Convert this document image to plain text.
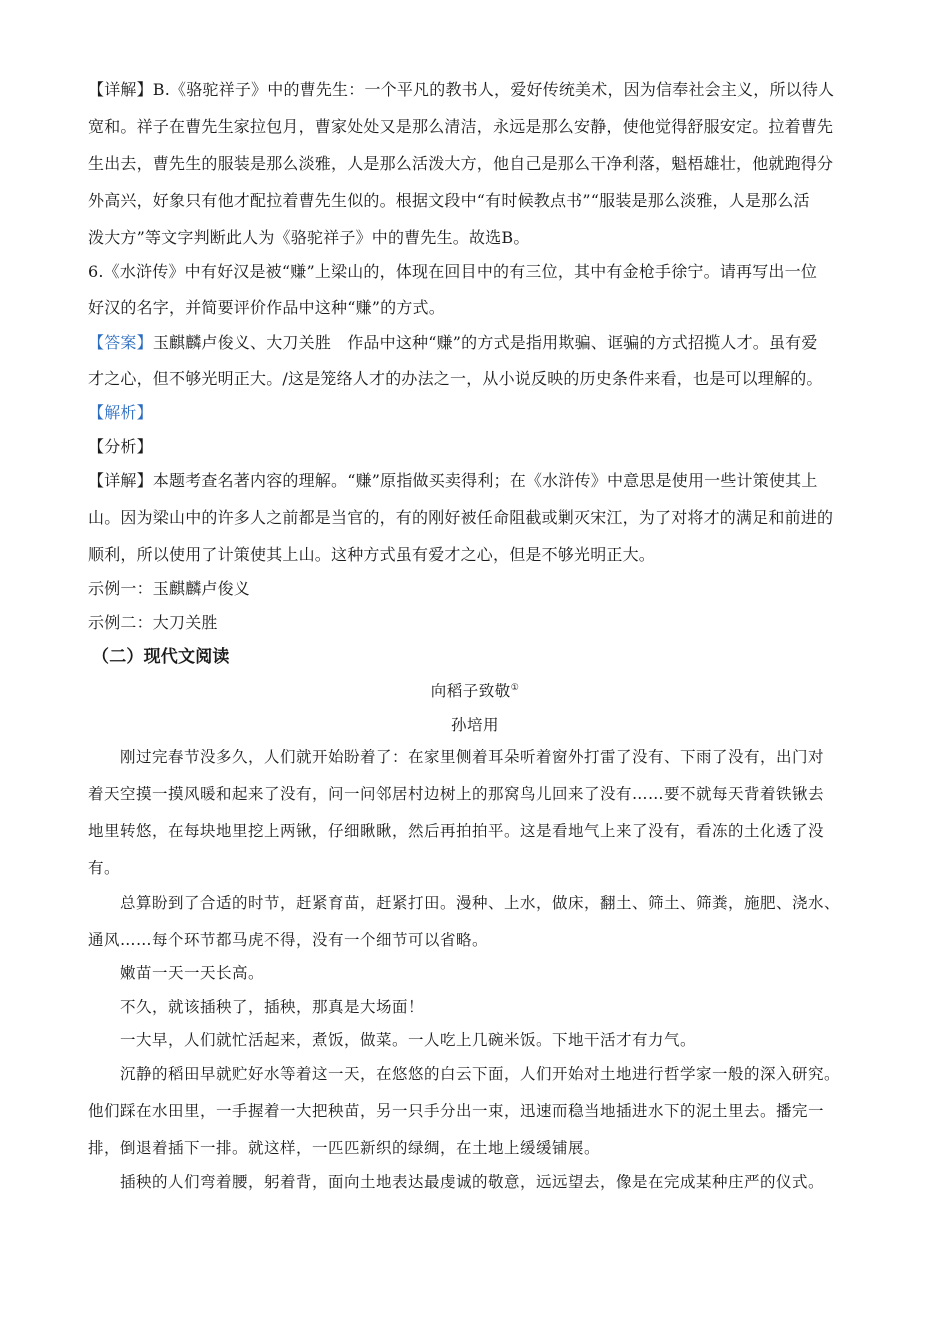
【详解】B.《骆驼祥子》中的曹先生：一个平凡的教书人，爱好传统美术，因为信奉社会主义，所以待人
宽和。祥子在曹先生家拉包月，曹家处处又是那么清洁，永远是那么安静，使他觉得舒服安定。拉着曹先
生出去，曹先生的服装是那么淡雅，人是那么活泼大方，他自己是那么干净利落，魁梧雄壮，他就跑得分
外高兴，好象只有他才配拉着曹先生似的。根据文段中“有时候教点书”“服装是那么淡雅，人是那么活
泼大方”等文字判断此人为《骆驼祥子》中的曹先生。故选B。
6.《水浒传》中有好汉是被“赚”上梁山的，体现在回目中的有三位，其中有金枪手徐宁。请再写出一位
好汉的名字，并简要评价作品中这种“赚”的方式。
【答案】玉麒麟卢俊义、大刀关胜　作品中这种“赚”的方式是指用欺骗、诓骗的方式招揽人才。虽有爱
才之心，但不够光明正大。/这是笼络人才的办法之一，从小说反映的历史条件来看，也是可以理解的。
【解析】
【分析】
【详解】本题考查名著内容的理解。“赚”原指做买卖得利；在《水浒传》中意思是使用一些计策使其上
山。因为梁山中的许多人之前都是当官的，有的刚好被任命阻截或剿灭宋江，为了对将才的满足和前进的
顺利，所以使用了计策使其上山。这种方式虽有爱才之心，但是不够光明正大。
示例一：玉麒麟卢俊义
示例二：大刀关胜
（二）现代文阅读
向稻子致敬①
孙培用
刚过完春节没多久，人们就开始盼着了：在家里侧着耳朵听着窗外打雷了没有、下雨了没有，出门对
着天空摸一摸风暖和起来了没有，问一问邻居村边树上的那窝鸟儿回来了没有……要不就每天背着铁锹去
地里转悠，在每块地里挖上两锹，仔细瞅瞅，然后再拍拍平。这是看地气上来了没有，看冻的土化透了没
有。
总算盼到了合适的时节，赶紧育苗，赶紧打田。漫种、上水，做床，翻土、筛土、筛粪，施肥、浇水、
通风……每个环节都马虎不得，没有一个细节可以省略。
嫩苗一天一天长高。
不久，就该插秧了，插秧，那真是大场面！
一大早，人们就忙活起来，煮饭，做菜。一人吃上几碗米饭。下地干活才有力气。
沉静的稻田早就贮好水等着这一天，在悠悠的白云下面，人们开始对土地进行哲学家一般的深入研究。
他们踩在水田里，一手握着一大把秧苗，另一只手分出一束，迅速而稳当地插进水下的泥土里去。播完一
排，倒退着插下一排。就这样，一匹匹新织的绿绸，在土地上缓缓铺展。
插秧的人们弯着腰，躬着背，面向土地表达最虔诚的敬意，远远望去，像是在完成某种庄严的仪式。
